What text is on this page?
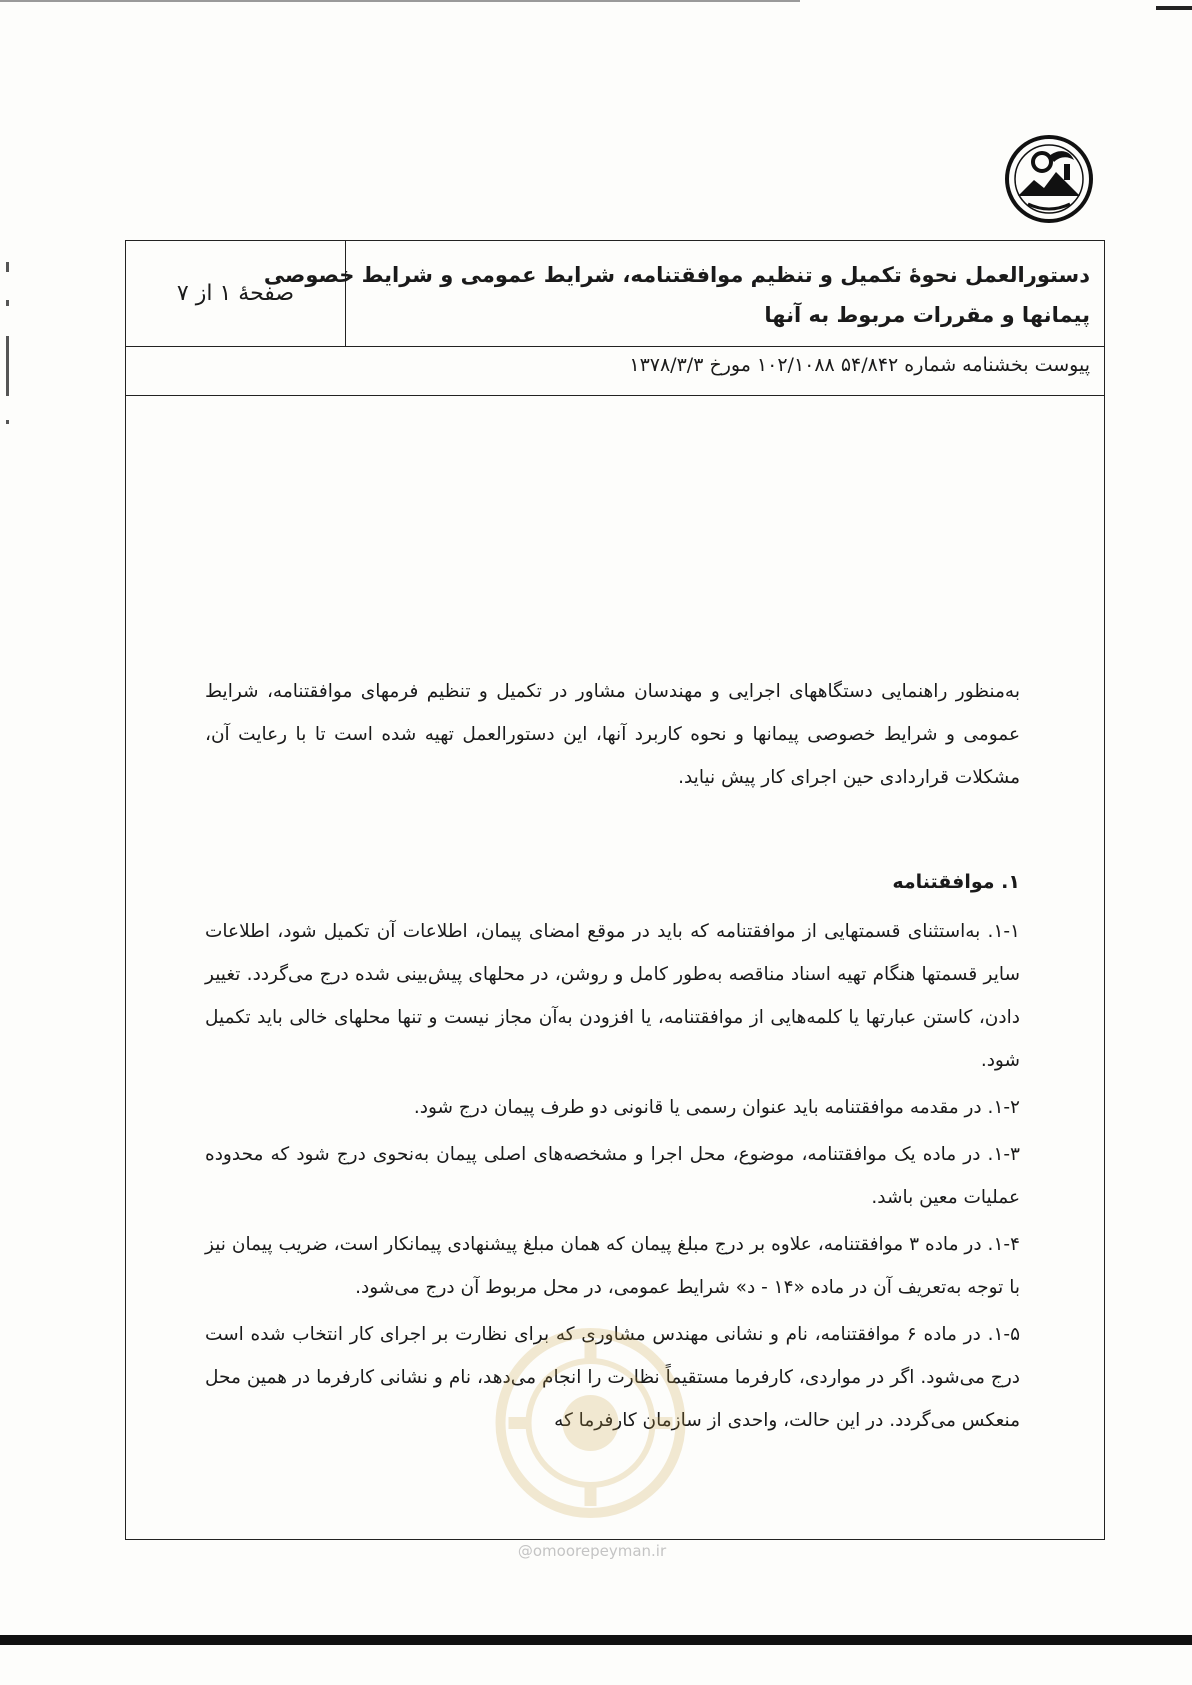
صفحهٔ ۱ از ۷
دستورالعمل نحوهٔ تکمیل و تنظیم موافقتنامه، شرایط عمومی و شرایط خصوصی
پیمانها و مقررات مربوط به آنها
پیوست بخشنامه شماره ۵۴/۸۴۲ ۱۰۲/۱۰۸۸ مورخ ۱۳۷۸/۳/۳

به‌منظور راهنمایی دستگاههای اجرایی و مهندسان مشاور در تکمیل و تنظیم فرمهای موافقتنامه، شرایط عمومی و شرایط خصوصی پیمانها و نحوه کاربرد آنها، این دستورالعمل تهیه شده است تا با رعایت آن، مشکلات قراردادی حین اجرای کار پیش نیاید.

۱. موافقتنامه

۱-۱. به‌استثنای قسمتهایی از موافقتنامه که باید در موقع امضای پیمان، اطلاعات آن تکمیل شود، اطلاعات سایر قسمتها هنگام تهیه اسناد مناقصه به‌طور کامل و روشن، در محلهای پیش‌بینی شده درج می‌گردد. تغییر دادن، کاستن عبارتها یا کلمه‌هایی از موافقتنامه، یا افزودن به‌آن مجاز نیست و تنها محلهای خالی باید تکمیل شود.

۱-۲. در مقدمه موافقتنامه باید عنوان رسمی یا قانونی دو طرف پیمان درج شود.

۱-۳. در ماده یک موافقتنامه، موضوع، محل اجرا و مشخصه‌های اصلی پیمان به‌نحوی درج شود که محدوده عملیات معین باشد.

۱-۴. در ماده ۳ موافقتنامه، علاوه بر درج مبلغ پیمان که همان مبلغ پیشنهادی پیمانکار است، ضریب پیمان نیز با توجه به‌تعریف آن در ماده «۱۴ - د» شرایط عمومی، در محل مربوط آن درج می‌شود.

۱-۵. در ماده ۶ موافقتنامه، نام و نشانی مهندس مشاوری که برای نظارت بر اجرای کار انتخاب شده است درج می‌شود. اگر در مواردی، کارفرما مستقیماً نظارت را انجام می‌دهد، نام و نشانی کارفرما در همین محل منعکس می‌گردد. در این حالت، واحدی از سازمان کارفرما که

@omoorepeyman.ir
